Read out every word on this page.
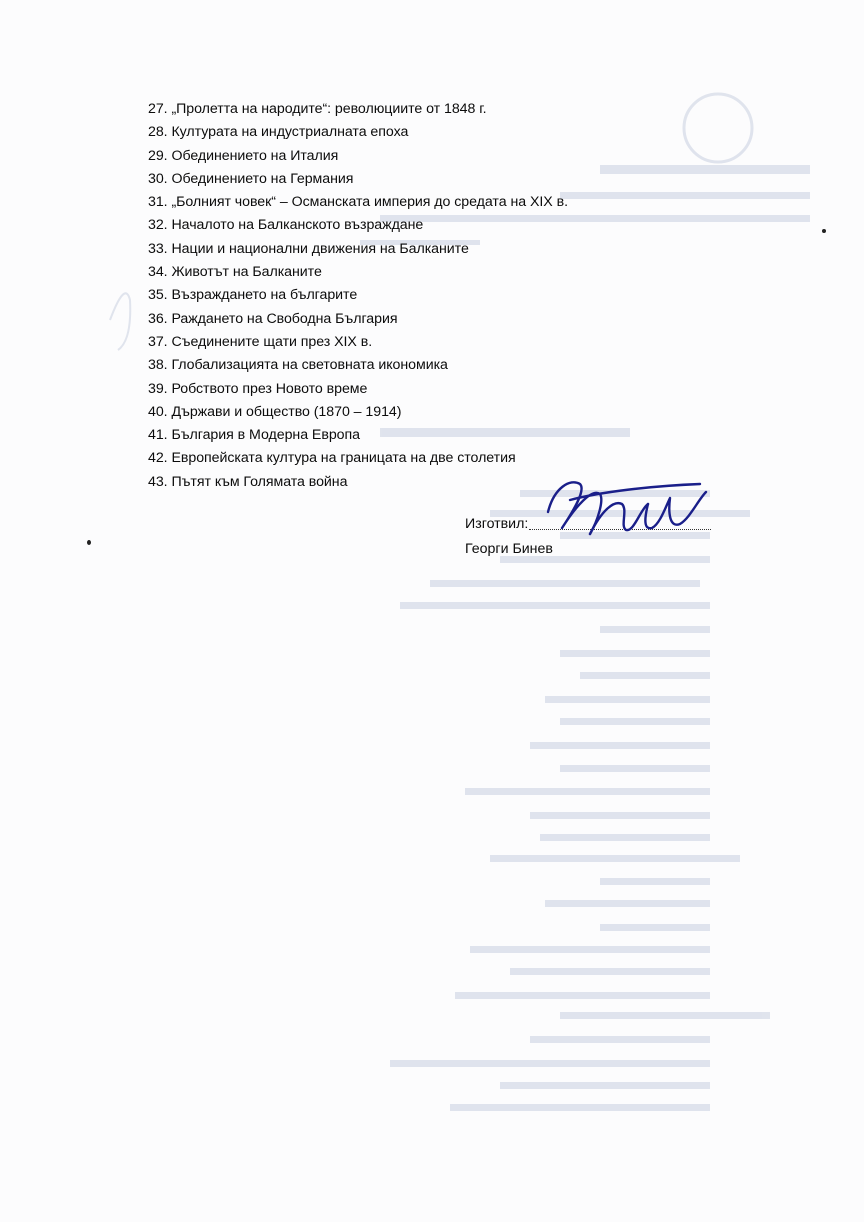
27. „Пролетта на народите“: революциите от 1848 г.
28. Културата на индустриалната епоха
29. Обединението на Италия
30. Обединението на Германия
31. „Болният човек“ – Османската империя до средата на XIX в.
32. Началото на Балканското възраждане
33. Нации и национални движения на Балканите
34. Животът на Балканите
35. Възраждането на българите
36. Раждането на Свободна България
37. Съединените щати през XIX в.
38. Глобализацията на световната икономика
39. Робството през Новото време
40. Държави и общество (1870 – 1914)
41. България в Модерна Европа
42. Европейската култура на границата на две столетия
43. Пътят към Голямата война
Изготвил:
Георги Бинев
